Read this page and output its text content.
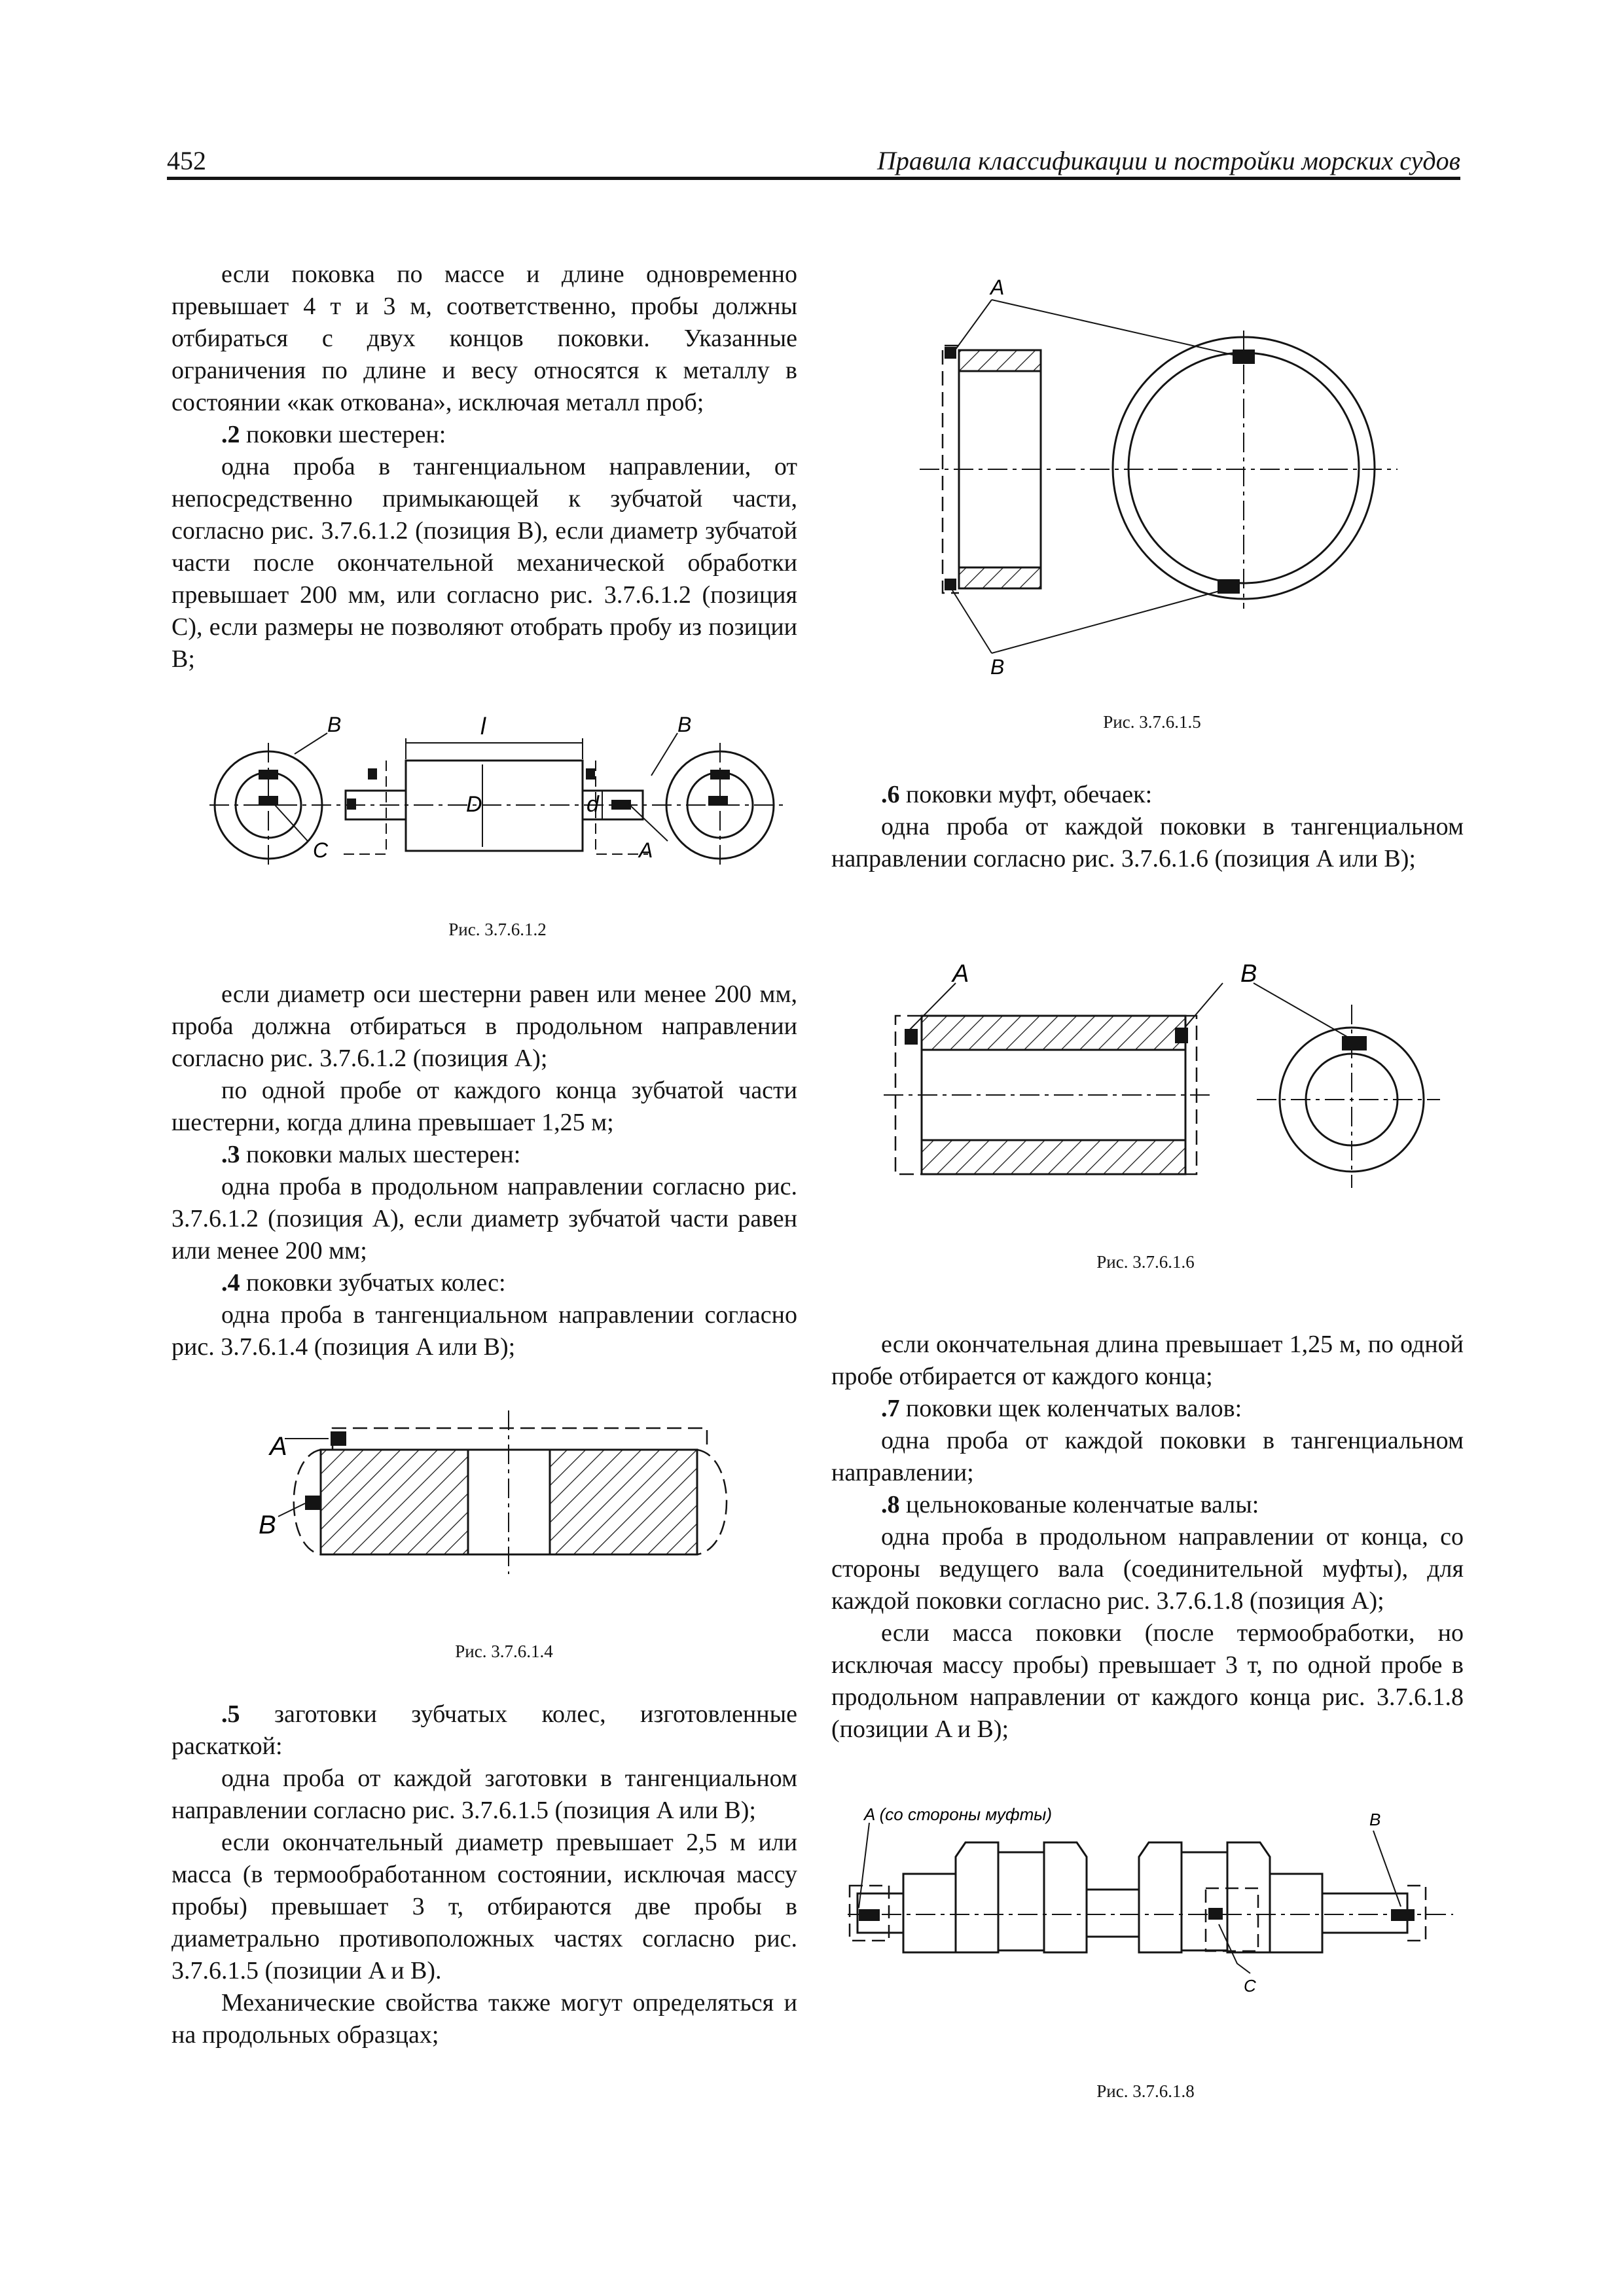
452	Правила классификации и постройки морских судов

если поковка по массе и длине одновременно превышает 4 т и 3 м, соответственно, пробы должны отбираться с двух концов поковки. Указанные ограничения по длине и весу относятся к металлу в состоянии «как откована», исключая металл проб;

.2 поковки шестерен:

одна проба в тангенциальном направлении, от непосредственно примыкающей к зубчатой части, согласно рис. 3.7.6.1.2 (позиция B), если диаметр зубчатой части после окончательной механической обработки превышает 200 мм, или согласно рис. 3.7.6.1.2 (позиция C), если размеры не позволяют отобрать пробу из позиции B;

l
D	d
B
C
B
A
Рис. 3.7.6.1.2

если диаметр оси шестерни равен или менее 200 мм, проба должна отбираться в продольном направлении согласно рис. 3.7.6.1.2 (позиция A);

по одной пробе от каждого конца зубчатой части шестерни, когда длина превышает 1,25 м;

.3 поковки малых шестерен:

одна проба в продольном направлении согласно рис. 3.7.6.1.2 (позиция A), если диаметр зубчатой части равен или менее 200 мм;

.4 поковки зубчатых колес:

одна проба в тангенциальном направлении согласно рис. 3.7.6.1.4 (позиция A или B);

A
B
Рис. 3.7.6.1.4

.5 заготовки зубчатых колес, изготовленные раскаткой:

одна проба от каждой заготовки в тангенциальном направлении согласно рис. 3.7.6.1.5 (позиция A или B);

если окончательный диаметр превышает 2,5 м или масса (в термообработанном состоянии, исключая массу пробы) превышает 3 т, отбираются две пробы в диаметрально противоположных частях согласно рис. 3.7.6.1.5 (позиции A и B).

Механические свойства также могут определяться и на продольных образцах;

A
B
Рис. 3.7.6.1.5

.6 поковки муфт, обечаек:

одна проба от каждой поковки в тангенциальном направлении согласно рис. 3.7.6.1.6 (позиция A или B);

A	B
Рис. 3.7.6.1.6

если окончательная длина превышает 1,25 м, по одной пробе отбирается от каждого конца;

.7 поковки щек коленчатых валов:

одна проба от каждой поковки в тангенциальном направлении;

.8 цельнокованые коленчатые валы:

одна проба в продольном направлении от конца, со стороны ведущего вала (соединительной муфты), для каждой поковки согласно рис. 3.7.6.1.8 (позиция A);

если масса поковки (после термообработки, но исключая массу пробы) превышает 3 т, по одной пробе в продольном направлении от каждого конца рис. 3.7.6.1.8 (позиции A и B);

A (со стороны муфты)	B
C
Рис. 3.7.6.1.8
